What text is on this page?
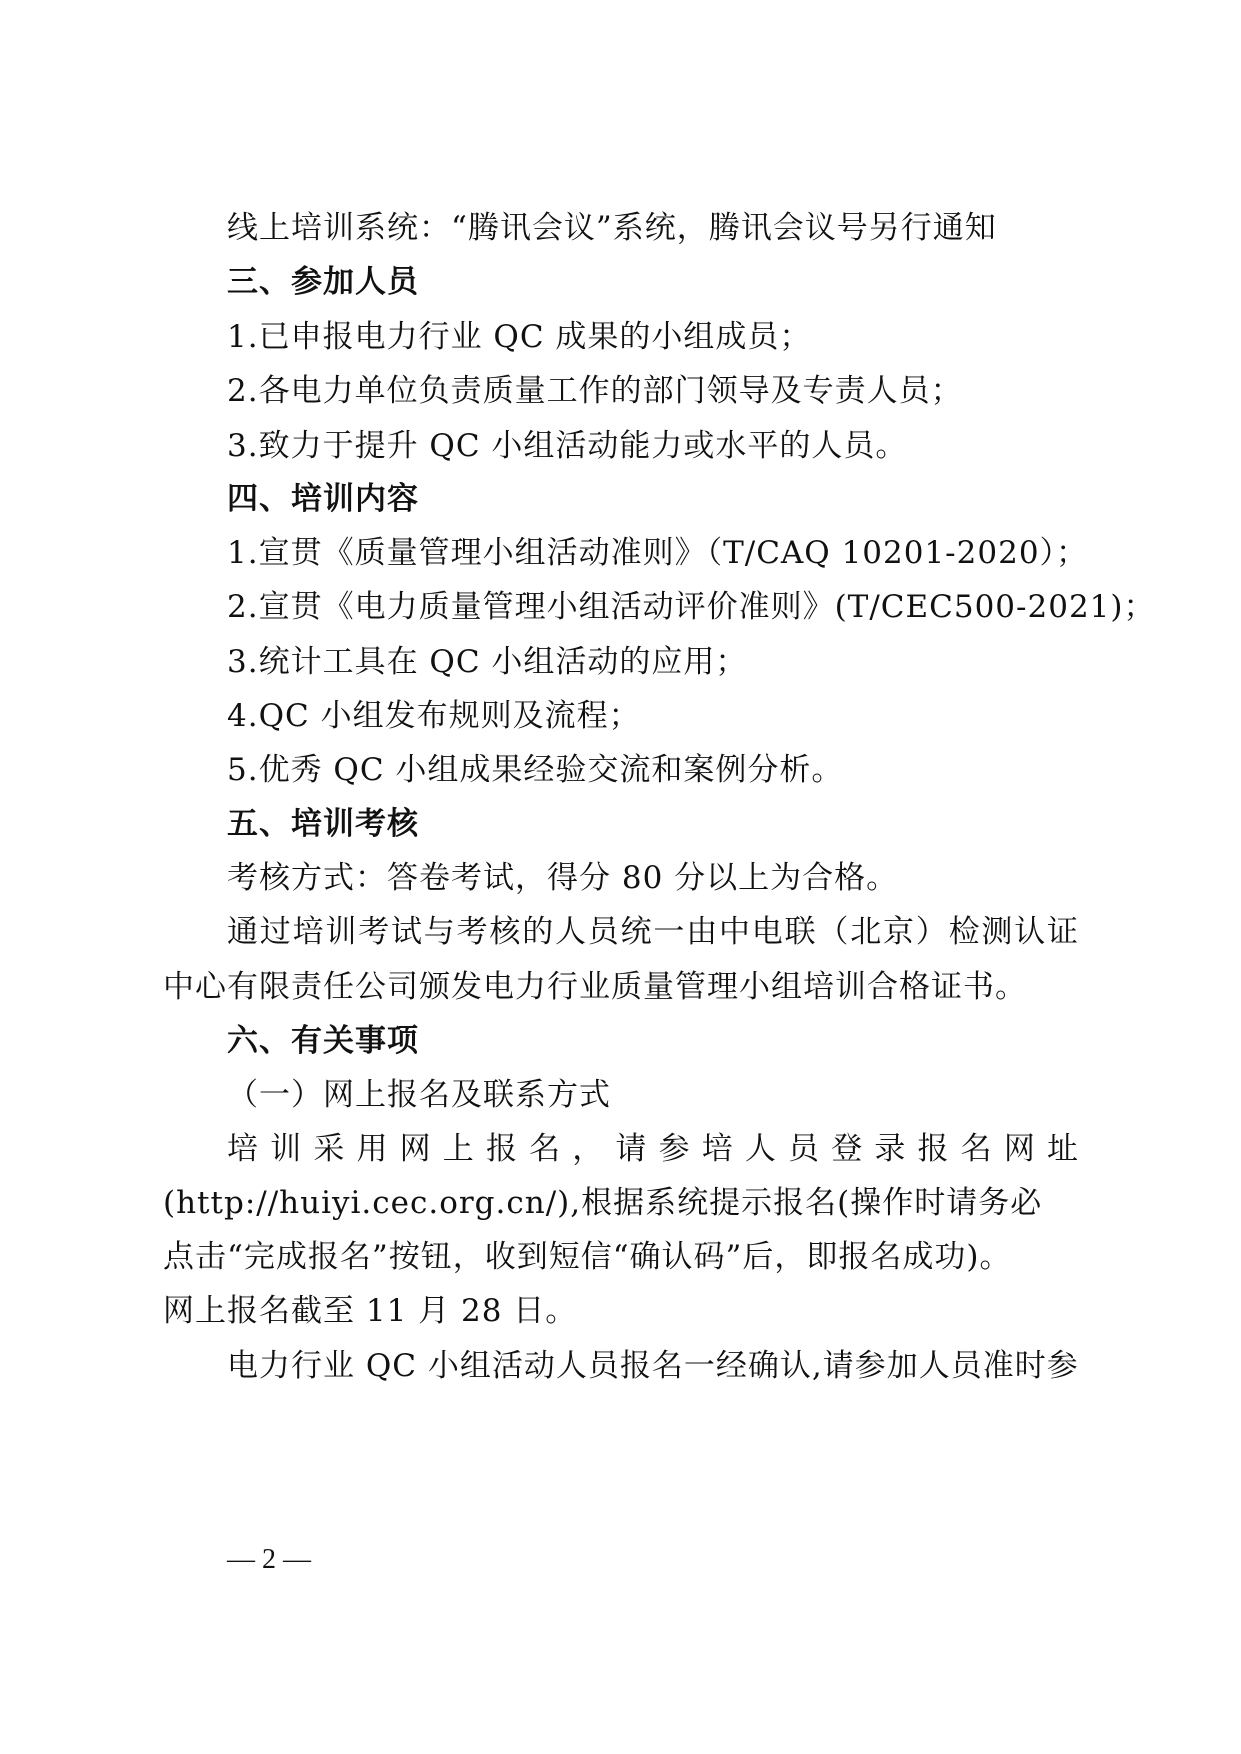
线上培训系统：“腾讯会议”系统，腾讯会议号另行通知
三、参加人员
1.已申报电力行业 QC 成果的小组成员；
2.各电力单位负责质量工作的部门领导及专责人员；
3.致力于提升 QC 小组活动能力或水平的人员。
四、培训内容
1.宣贯《质量管理小组活动准则》（T/CAQ 10201-2020）；
2.宣贯《电力质量管理小组活动评价准则》(T/CEC500-2021)；
3.统计工具在 QC 小组活动的应用；
4.QC 小组发布规则及流程；
5.优秀 QC 小组成果经验交流和案例分析。
五、培训考核
考核方式：答卷考试，得分 80 分以上为合格。
通过培训考试与考核的人员统一由中电联（北京）检测认证
中心有限责任公司颁发电力行业质量管理小组培训合格证书。
六、有关事项
（一）网上报名及联系方式
培训采用网上报名，请参培人员登录报名网址
(http://huiyi.cec.org.cn/),根据系统提示报名(操作时请务必
点击“完成报名”按钮，收到短信“确认码”后，即报名成功)。
网上报名截至 11 月 28 日。
电力行业 QC 小组活动人员报名一经确认,请参加人员准时参
— 2 —
